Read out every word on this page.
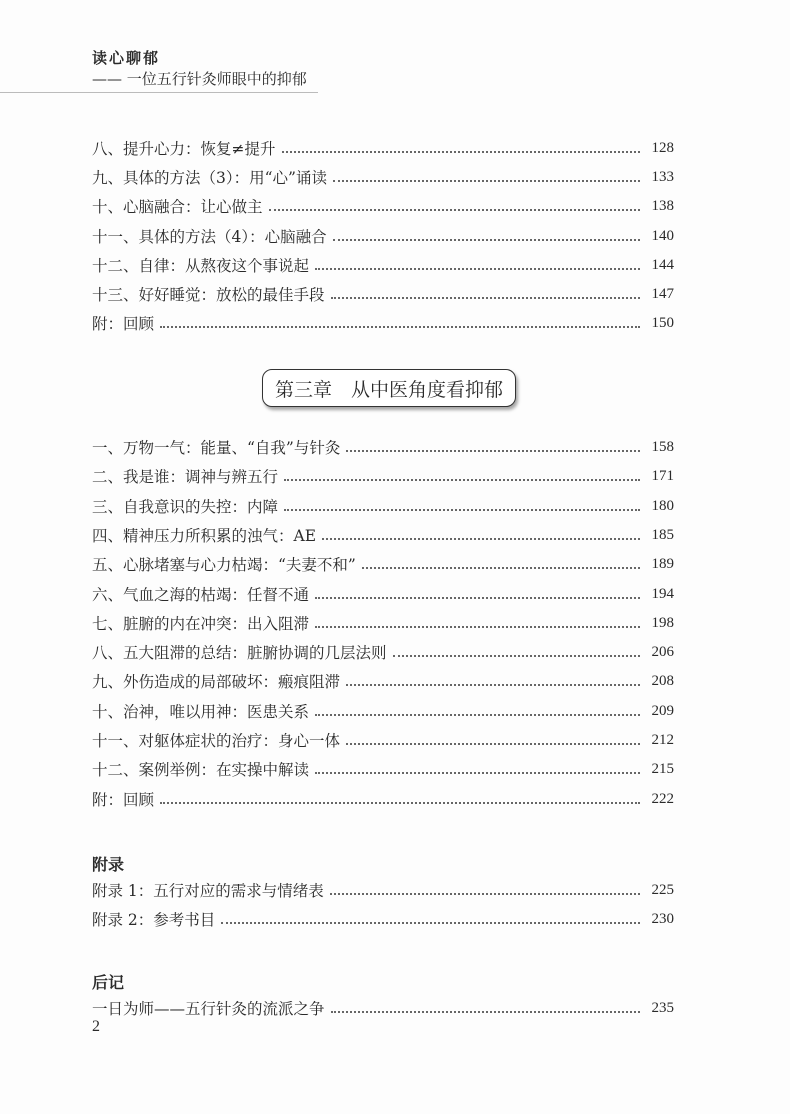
读心聊郁
—— 一位五行针灸师眼中的抑郁
八、提升心力：恢复≠提升	128
九、具体的方法（3）：用“心”诵读	133
十、心脑融合：让心做主	138
十一、具体的方法（4）：心脑融合	140
十二、自律：从熬夜这个事说起	144
十三、好好睡觉：放松的最佳手段	147
附：回顾	150
第三章　从中医角度看抑郁
一、万物一气：能量、“自我”与针灸	158
二、我是谁：调神与辨五行	171
三、自我意识的失控：内障	180
四、精神压力所积累的浊气：AE	185
五、心脉堵塞与心力枯竭：“夫妻不和”	189
六、气血之海的枯竭：任督不通	194
七、脏腑的内在冲突：出入阻滞	198
八、五大阻滞的总结：脏腑协调的几层法则	206
九、外伤造成的局部破坏：瘢痕阻滞	208
十、治神，唯以用神：医患关系	209
十一、对躯体症状的治疗：身心一体	212
十二、案例举例：在实操中解读	215
附：回顾	222
附录
附录 1：五行对应的需求与情绪表	225
附录 2：参考书目	230
后记
一日为师——五行针灸的流派之争	235
2
